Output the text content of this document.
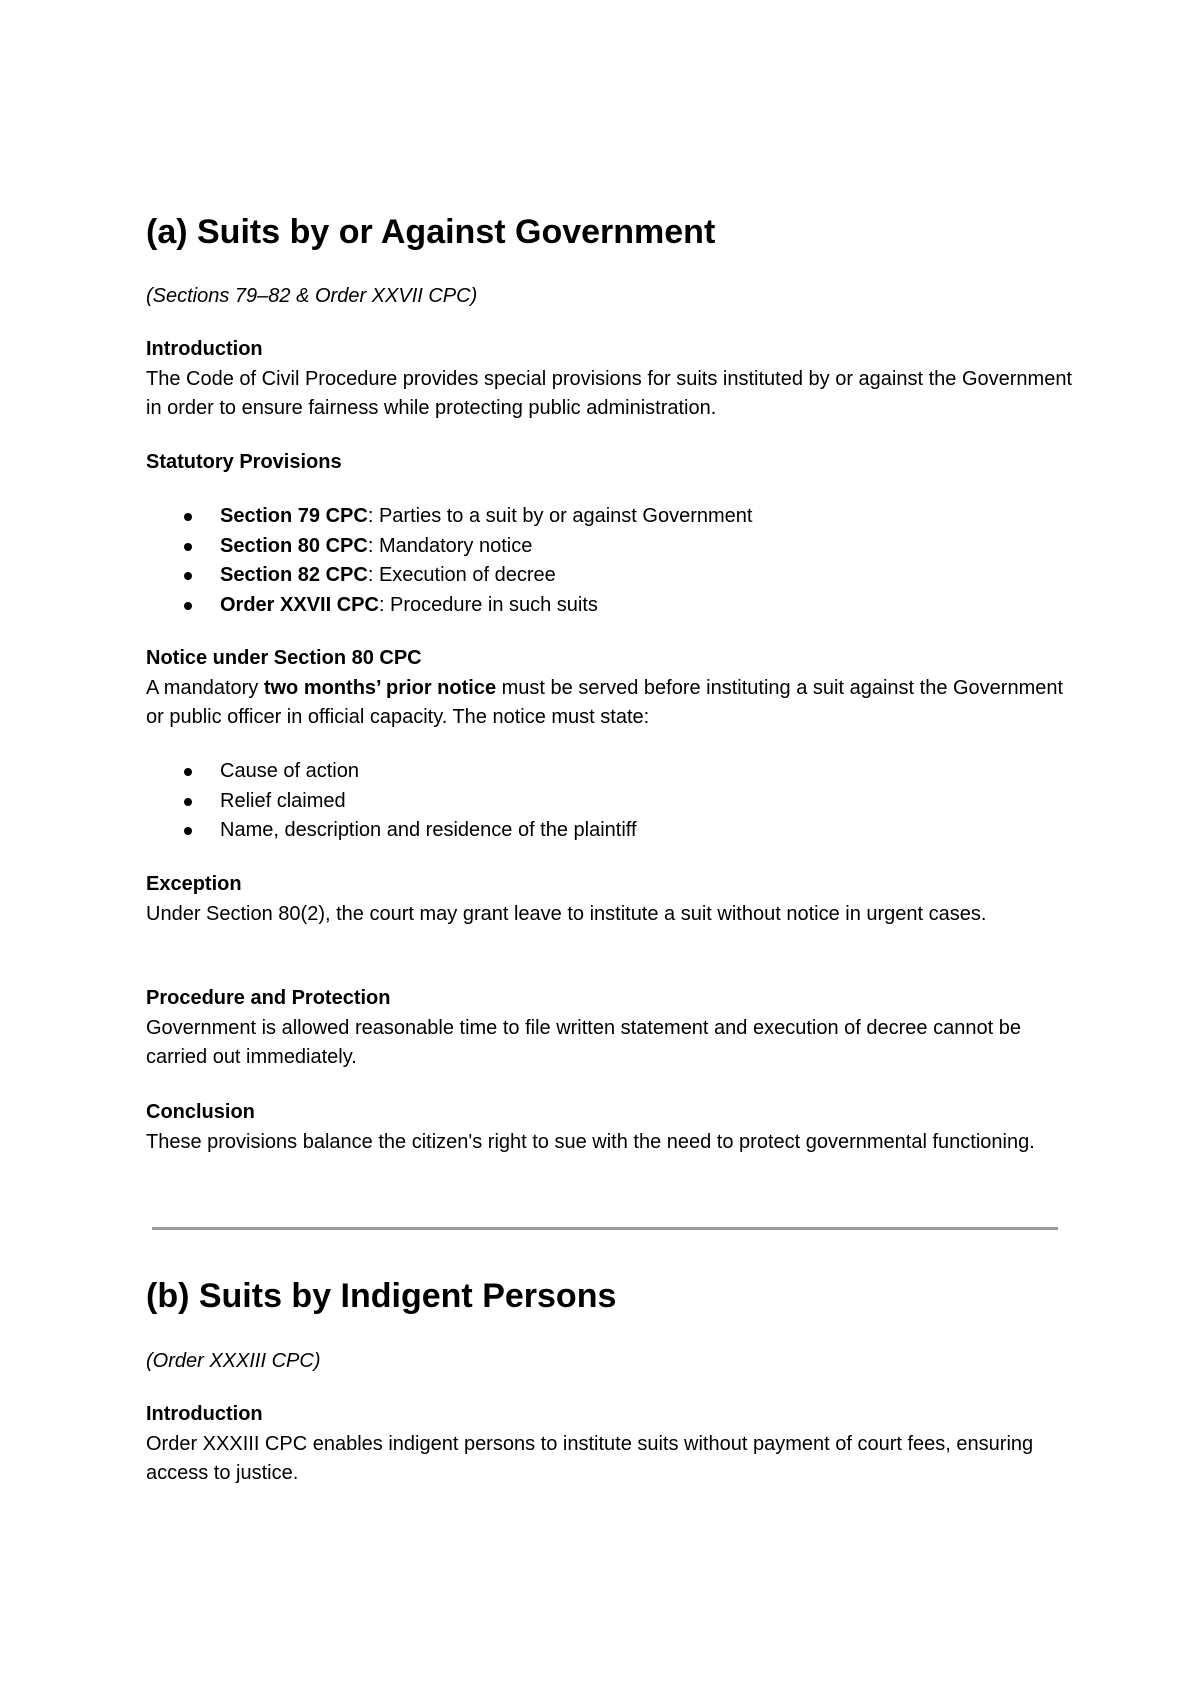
(a) Suits by or Against Government
(Sections 79–82 & Order XXVII CPC)
Introduction
The Code of Civil Procedure provides special provisions for suits instituted by or against the Government in order to ensure fairness while protecting public administration.
Statutory Provisions
Section 79 CPC: Parties to a suit by or against Government
Section 80 CPC: Mandatory notice
Section 82 CPC: Execution of decree
Order XXVII CPC: Procedure in such suits
Notice under Section 80 CPC
A mandatory two months’ prior notice must be served before instituting a suit against the Government or public officer in official capacity. The notice must state:
Cause of action
Relief claimed
Name, description and residence of the plaintiff
Exception
Under Section 80(2), the court may grant leave to institute a suit without notice in urgent cases.
Procedure and Protection
Government is allowed reasonable time to file written statement and execution of decree cannot be carried out immediately.
Conclusion
These provisions balance the citizen's right to sue with the need to protect governmental functioning.
(b) Suits by Indigent Persons
(Order XXXIII CPC)
Introduction
Order XXXIII CPC enables indigent persons to institute suits without payment of court fees, ensuring access to justice.
